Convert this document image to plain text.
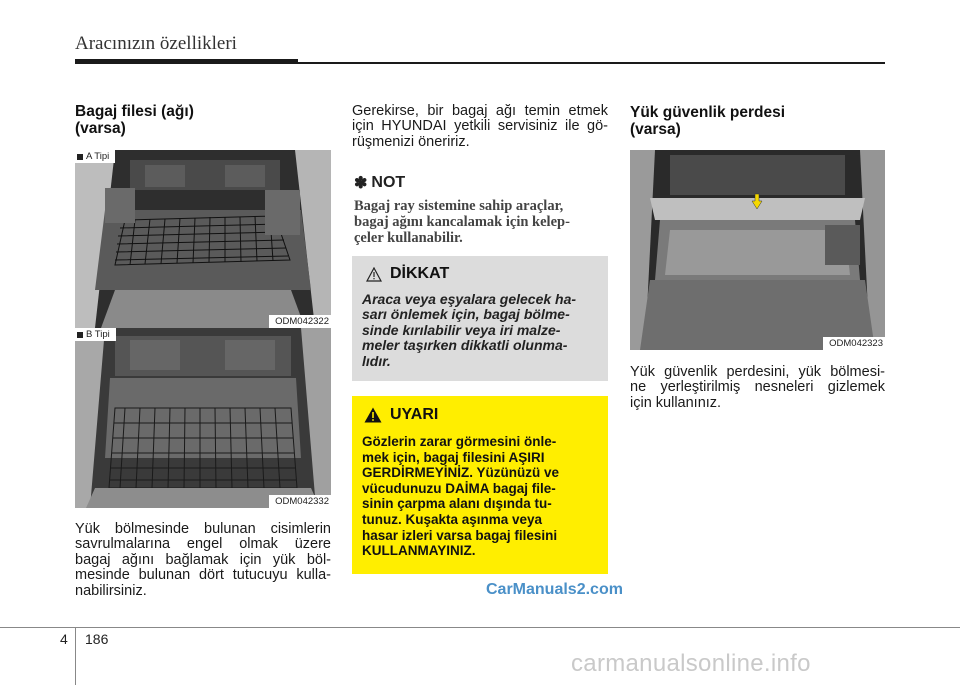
Aracınızın özellikleri
Bagaj filesi (ağı)
(varsa)
A Tipi
ODM042322
B Tipi
ODM042332
Yük bölmesinde bulunan cisimlerin
savrulmalarına engel olmak üzere
bagaj ağını bağlamak için yük böl-
mesinde bulunan dört tutucuyu kulla-
nabilirsiniz.
Gerekirse, bir bagaj ağı temin etmek
için HYUNDAI yetkili servisiniz ile gö-
rüşmenizi öneririz.
✽ NOT
Bagaj ray sistemine sahip araçlar,
bagaj ağını kancalamak için kelep-
çeler kullanabilir.
DİKKAT
Araca veya eşyalara gelecek ha-
sarı önlemek için, bagaj bölme-
sinde kırılabilir veya iri malze-
meler taşırken dikkatli olunma-
lıdır.
UYARI
Gözlerin zarar görmesini önle-
mek için, bagaj filesini AŞIRI
GERDİRMEYİNİZ. Yüzünüzü ve
vücudunuzu DAİMA bagaj file-
sinin çarpma alanı dışında tu-
tunuz. Kuşakta aşınma veya
hasar izleri varsa bagaj filesini
KULLANMAYINIZ.
CarManuals2.com
Yük güvenlik perdesi
(varsa)
ODM042323
Yük güvenlik perdesini, yük bölmesi-
ne yerleştirilmiş nesneleri gizlemek
için kullanınız.
4 186
carmanualsonline.info
